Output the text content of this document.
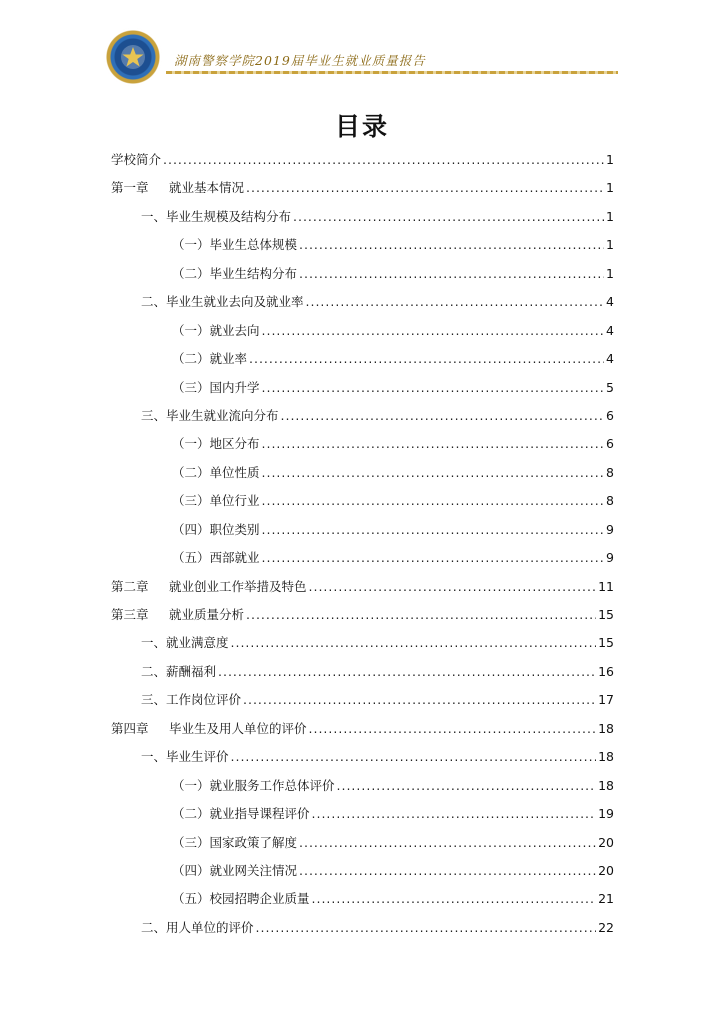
湖南警察学院2019届毕业生就业质量报告
目录
学校简介 .....	1
第一章 就业基本情况 .....	1
一、毕业生规模及结构分布 .....	1
（一）毕业生总体规模 .....	1
（二）毕业生结构分布 .....	1
二、毕业生就业去向及就业率 .....	4
（一）就业去向 .....	4
（二）就业率 .....	4
（三）国内升学 .....	5
三、毕业生就业流向分布 .....	6
（一）地区分布 .....	6
（二）单位性质 .....	8
（三）单位行业 .....	8
（四）职位类别 .....	9
（五）西部就业 .....	9
第二章 就业创业工作举措及特色 .....	11
第三章 就业质量分析 .....	15
一、就业满意度 .....	15
二、薪酬福利 .....	16
三、工作岗位评价 .....	17
第四章 毕业生及用人单位的评价 .....	18
一、毕业生评价 .....	18
（一）就业服务工作总体评价 .....	18
（二）就业指导课程评价 .....	19
（三）国家政策了解度 .....	20
（四）就业网关注情况 .....	20
（五）校园招聘企业质量 .....	21
二、用人单位的评价 .....	22
